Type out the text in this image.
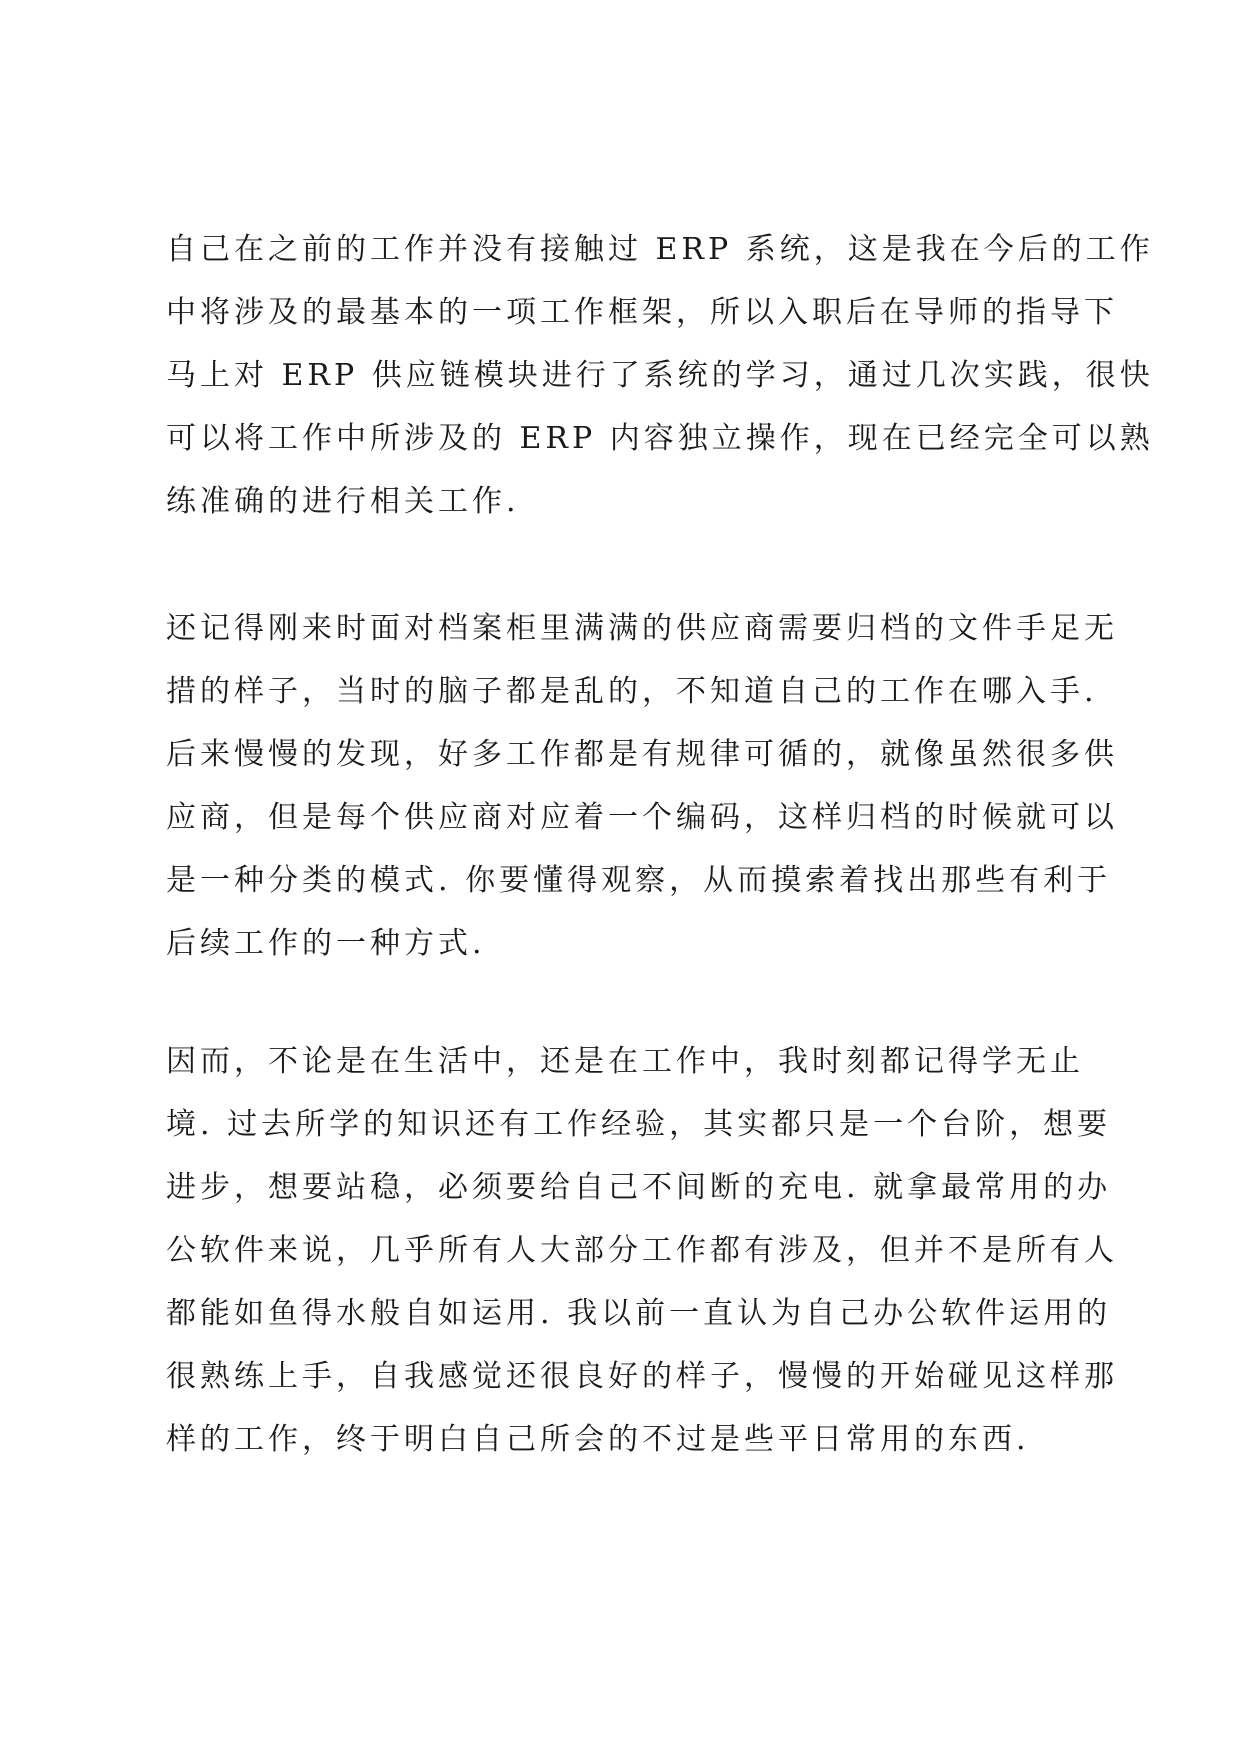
自己在之前的工作并没有接触过 ERP 系统，这是我在今后的工作
中将涉及的最基本的一项工作框架，所以入职后在导师的指导下
马上对 ERP 供应链模块进行了系统的学习，通过几次实践，很快
可以将工作中所涉及的 ERP 内容独立操作，现在已经完全可以熟
练准确的进行相关工作.
还记得刚来时面对档案柜里满满的供应商需要归档的文件手足无
措的样子，当时的脑子都是乱的，不知道自己的工作在哪入手.
后来慢慢的发现，好多工作都是有规律可循的，就像虽然很多供
应商，但是每个供应商对应着一个编码，这样归档的时候就可以
是一种分类的模式. 你要懂得观察，从而摸索着找出那些有利于
后续工作的一种方式.
因而，不论是在生活中，还是在工作中，我时刻都记得学无止
境. 过去所学的知识还有工作经验，其实都只是一个台阶，想要
进步，想要站稳，必须要给自己不间断的充电. 就拿最常用的办
公软件来说，几乎所有人大部分工作都有涉及，但并不是所有人
都能如鱼得水般自如运用. 我以前一直认为自己办公软件运用的
很熟练上手，自我感觉还很良好的样子，慢慢的开始碰见这样那
样的工作，终于明白自己所会的不过是些平日常用的东西.
